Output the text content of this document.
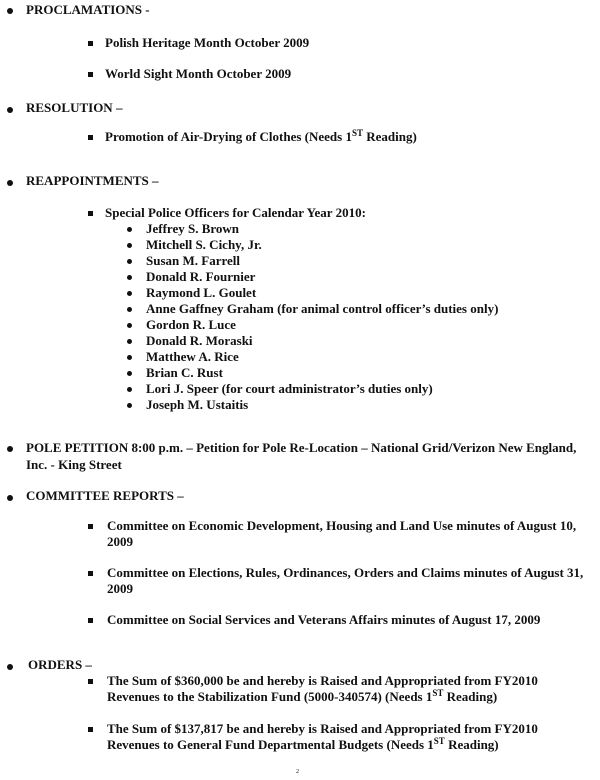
PROCLAMATIONS -
Polish Heritage Month October 2009
World Sight Month October 2009
RESOLUTION –
Promotion of Air-Drying of Clothes (Needs 1ST Reading)
REAPPOINTMENTS –
Special Police Officers for Calendar Year 2010:
Jeffrey S. Brown
Mitchell S. Cichy, Jr.
Susan M. Farrell
Donald R. Fournier
Raymond L. Goulet
Anne Gaffney Graham (for animal control officer’s duties only)
Gordon R. Luce
Donald R. Moraski
Matthew A. Rice
Brian C. Rust
Lori J. Speer (for court administrator’s duties only)
Joseph M. Ustaitis
POLE PETITION 8:00 p.m. – Petition for Pole Re-Location – National Grid/Verizon New England,
Inc. - King Street
COMMITTEE REPORTS –
Committee on Economic Development, Housing and Land Use minutes of August 10, 2009
Committee on Elections, Rules, Ordinances, Orders and Claims minutes of August 31, 2009
Committee on Social Services and Veterans Affairs minutes of August 17, 2009
ORDERS –
The Sum of $360,000 be and hereby is Raised and Appropriated from FY2010
Revenues to the Stabilization Fund (5000-340574) (Needs 1ST Reading)
The Sum of $137,817 be and hereby is Raised and Appropriated from FY2010
Revenues to General Fund Departmental Budgets (Needs 1ST Reading)
2
